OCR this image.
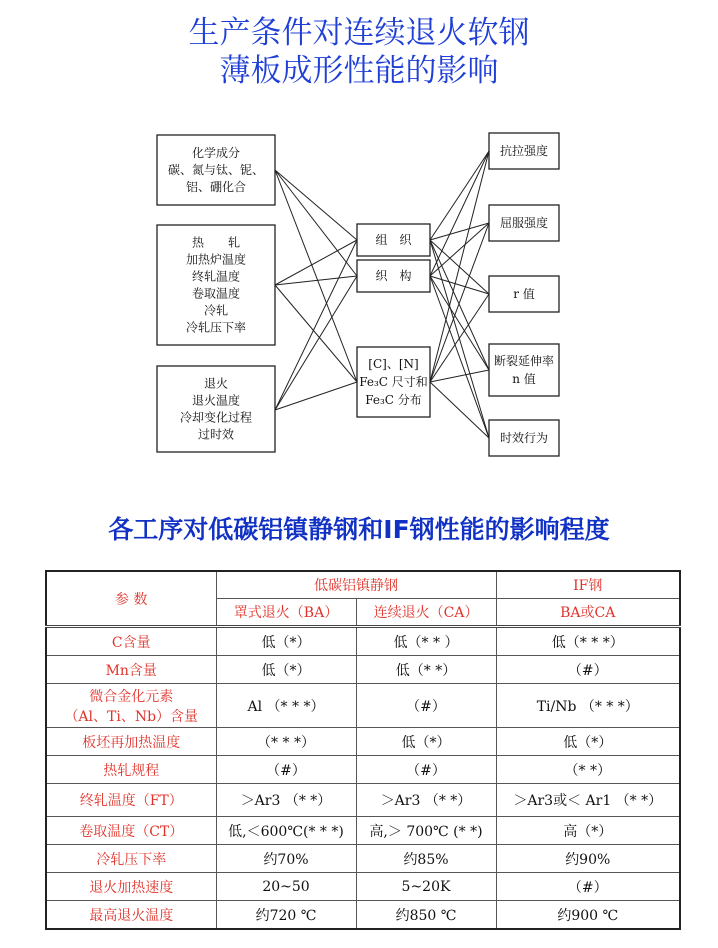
生产条件对连续退火软钢
薄板成形性能的影响
化学成分
碳、氮与钛、铌、
铝、硼化合
热　　轧
加热炉温度
终轧温度
卷取温度
冷轧
冷轧压下率
退火
退火温度
冷却变化过程
过时效
组　织
织　构
[C]、[N]
Fe₃C 尺寸和
Fe₃C 分布
抗拉强度
屈服强度
r 值
断裂延伸率
n 值
时效行为
各工序对低碳铝镇静钢和IF钢性能的影响程度
参 数	低碳铝镇静钢		IF钢
	罩式退火（BA）	连续退火（CA）	BA或CA
C含量	低（*）	低（* * ）	低（* * *）
Mn含量	低（*）	低（* *）	（#）
微合金化元素
（Al、Ti、Nb）含量	Al （* * *）	（#）	Ti/Nb （* * *）
板坯再加热温度	（* * *）	低（*）	低（*）
热轧规程	（#）	（#）	（* *）
终轧温度（FT）	＞Ar3 （* *）	＞Ar3 （* *）	＞Ar3或＜ Ar1 （* *）
卷取温度（CT）	低,＜600℃(* * *)	高,＞ 700℃ (* *)	高（*）
冷轧压下率	约70%	约85%	约90%
退火加热速度	20~50	5~20K	（#）
最高退火温度	约720 ℃	约850 ℃	约900 ℃
